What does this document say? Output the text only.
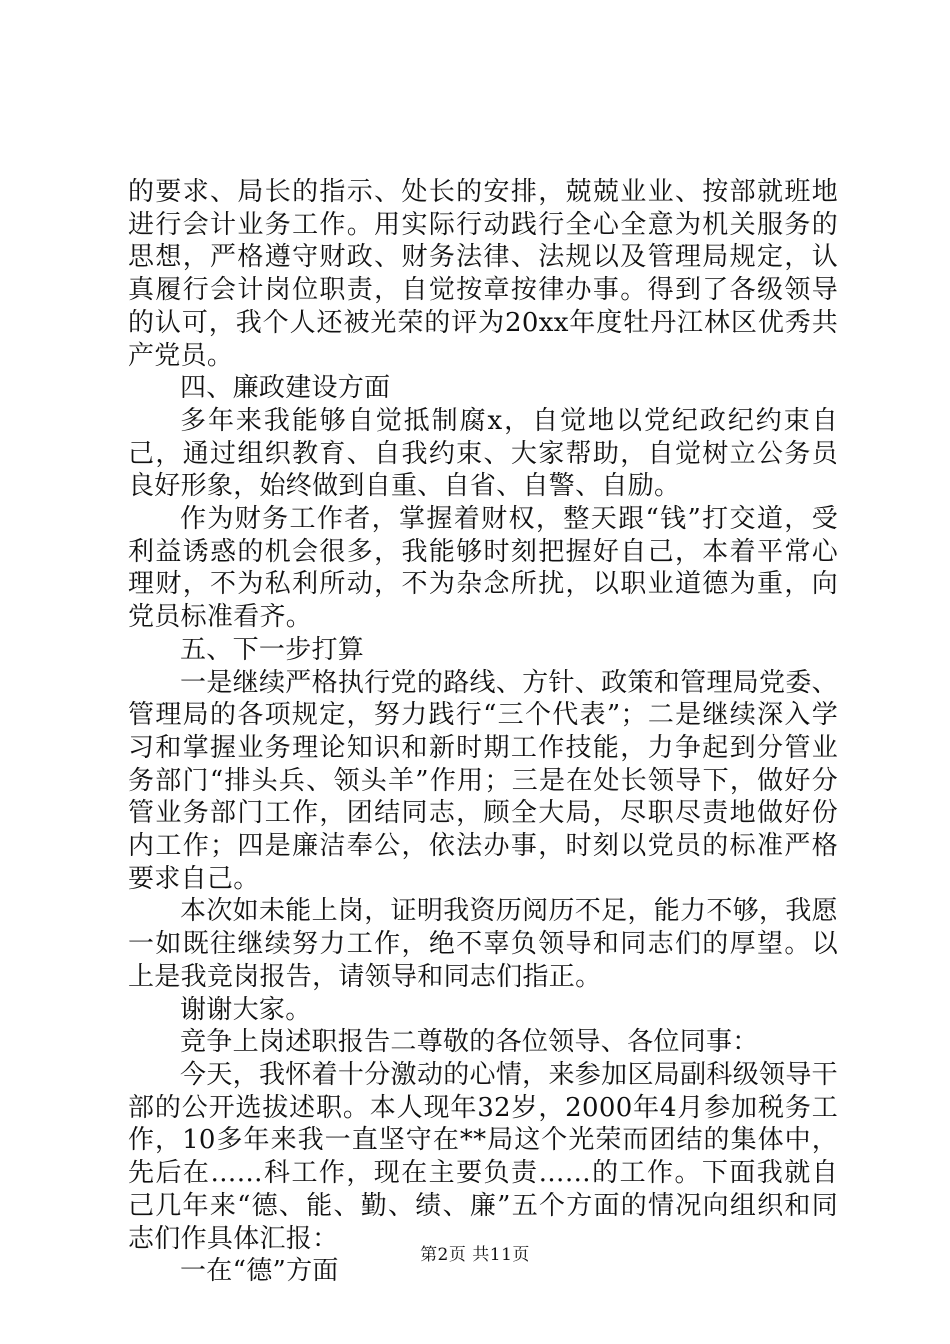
的要求、局长的指示、处长的安排，兢兢业业、按部就班地进行会计业务工作。用实际行动践行全心全意为机关服务的思想，严格遵守财政、财务法律、法规以及管理局规定，认真履行会计岗位职责，自觉按章按律办事。得到了各级领导的认可，我个人还被光荣的评为20xx年度牡丹江林区优秀共产党员。

四、廉政建设方面

多年来我能够自觉抵制腐x，自觉地以党纪政纪约束自己，通过组织教育、自我约束、大家帮助，自觉树立公务员良好形象，始终做到自重、自省、自警、自励。

作为财务工作者，掌握着财权，整天跟“钱”打交道，受利益诱惑的机会很多，我能够时刻把握好自己，本着平常心理财，不为私利所动，不为杂念所扰，以职业道德为重，向党员标准看齐。

五、下一步打算

一是继续严格执行党的路线、方针、政策和管理局党委、管理局的各项规定，努力践行“三个代表”；二是继续深入学习和掌握业务理论知识和新时期工作技能，力争起到分管业务部门“排头兵、领头羊”作用；三是在处长领导下，做好分管业务部门工作，团结同志，顾全大局，尽职尽责地做好份内工作；四是廉洁奉公，依法办事，时刻以党员的标准严格要求自己。

本次如未能上岗，证明我资历阅历不足，能力不够，我愿一如既往继续努力工作，绝不辜负领导和同志们的厚望。以上是我竞岗报告，请领导和同志们指正。

谢谢大家。

竞争上岗述职报告二尊敬的各位领导、各位同事：

今天，我怀着十分激动的心情，来参加区局副科级领导干部的公开选拔述职。本人现年32岁，2000年4月参加税务工作，10多年来我一直坚守在**局这个光荣而团结的集体中，先后在……科工作，现在主要负责……的工作。下面我就自己几年来“德、能、勤、绩、廉”五个方面的情况向组织和同志们作具体汇报：

一在“德”方面

第2页 共11页
